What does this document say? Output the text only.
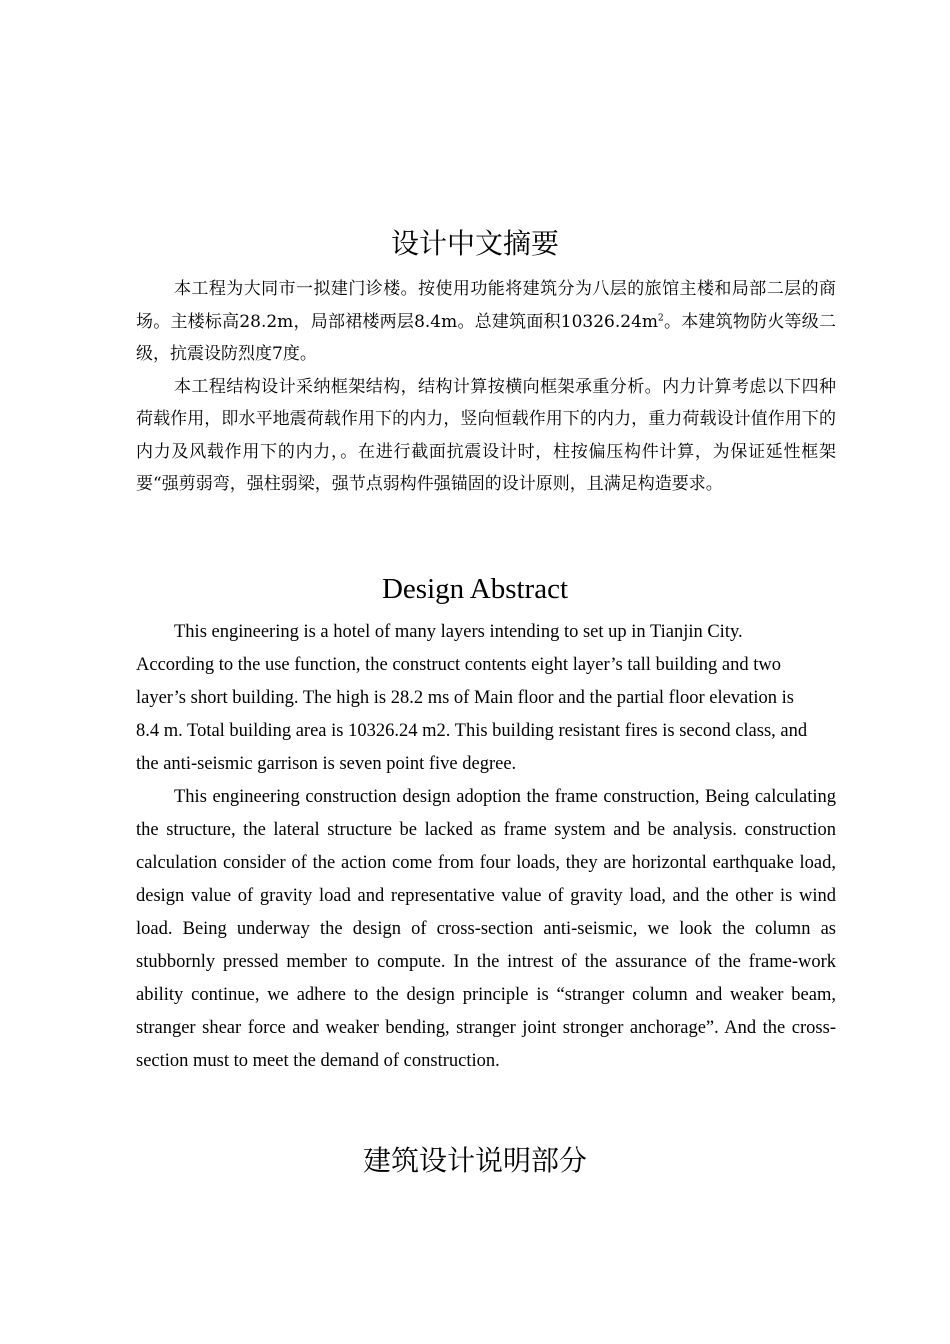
设计中文摘要

本工程为大同市一拟建门诊楼。按使用功能将建筑分为八层的旅馆主楼和局部二层的商场。主楼标高28.2m，局部裙楼两层8.4m。总建筑面积$10326.24m^2$。本建筑物防火等级二级，抗震设防烈度7度。

本工程结构设计采纳框架结构，结构计算按横向框架承重分析。内力计算考虑以下四种荷载作用，即水平地震荷载作用下的内力，竖向恒载作用下的内力，重力荷载设计值作用下的内力及风载作用下的内力，。在进行截面抗震设计时，柱按偏压构件计算，为保证延性框架要“强剪弱弯，强柱弱梁，强节点弱构件强锚固的设计原则，且满足构造要求。

Design Abstract

This engineering is a hotel of many layers intending to set up in Tianjin City.
According to the use function, the construct contents eight layer’s tall building and two
layer’s short building. The high is 28.2 ms of Main floor and the partial floor elevation is
8.4 m. Total building area is 10326.24 m2. This building resistant fires is second class, and
the anti-seismic garrison is seven point five degree.

This engineering construction design adoption the frame construction, Being calculating the structure, the lateral structure be lacked as frame system and be analysis. construction calculation consider of the action come from four loads, they are horizontal earthquake load, design value of gravity load and representative value of gravity load, and the other is wind load. Being underway the design of cross-section anti-seismic, we look the column as stubbornly pressed member to compute. In the intrest of the assurance of the frame-work ability continue, we adhere to the design principle is “stranger column and weaker beam, stranger shear force and weaker bending, stranger joint stronger anchorage”. And the cross-section must to meet the demand of construction.

建筑设计说明部分
